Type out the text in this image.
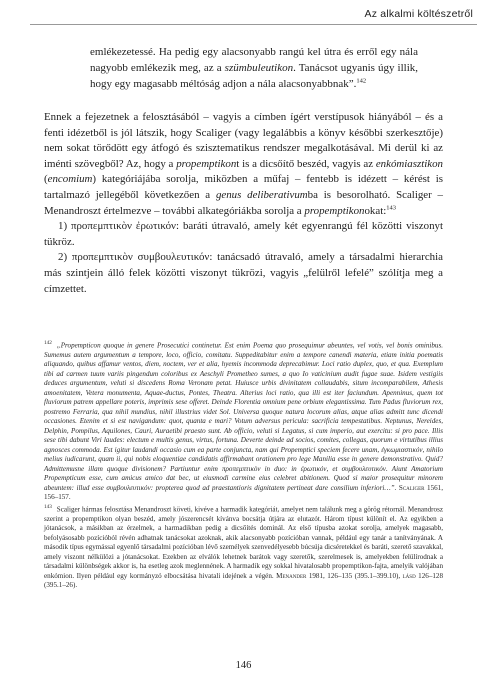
Az alkalmi költészetről

emlékezetessé. Ha pedig egy alacsonyabb rangú kel útra és erről egy nála nagyobb emlékezik meg, az a szümbuleutikon. Tanácsot ugyanis úgy illik, hogy egy magasabb méltóság adjon a nála alacsonyabbnak”.$^{142}$

Ennek a fejezetnek a felosztásából – vagyis a címben ígért verstípusok hiányából – és a fenti idézetből is jól látszik, hogy Scaliger (vagy legalábbis a könyv későbbi szerkesztője) nem sokat törődött egy átfogó és szisztematikus rendszer megalkotásával. Mi derül ki az iménti szövegből? Az, hogy a propemptikont is a dicsőítő beszéd, vagyis az enkómiasztikon (encomium) kategóriájába sorolja, miközben a műfaj – fentebb is idézett – kérést is tartalmazó jellegéből következően a genus deliberativumba is besorolható. Scaliger – Menandroszt értelmezve – további alkategóriákba sorolja a propemptikonokat:$^{143}$

1) προπεμπτικὸν ἐρωτικόν: baráti útravaló, amely két egyenrangú fél közötti viszonyt tükröz.

2) προπεμπτικὸν συμβουλευτικόν: tanácsadó útravaló, amely a társadalmi hierarchia más szintjein álló felek közötti viszonyt tükrözi, vagyis „felülről lefelé” szólítja meg a címzettet.

$^{142}$ „Propempticon quoque in genere Prosecutici continetur. Est enim Poema quo prosequimur abeuntes, vel votis, vel bonis ominibus. Sumemus autem argumentum a tempore, loco, officio, comitatu. Suppeditabitur enim a tempore canendi materia, etiam initia poematis aliquando, quibus affamur ventos, diem, noctem, ver et alia, hyemis incommoda deprecabimur. Loci ratio duplex, quo, et qua. Exemplum tibi ad carmen tuum variis pingendum coloribus ex Aeschyli Prometheo sumes, a quo Io vaticinium audit fugae suae. Isidem vestigiis deduces argumentum, veluti si discedens Roma Veronam petat. Huiusce urbis divinitatem collaudabis, situm incomparabilem, Athesis amoenitatem, Vetera monumenta, Aquae-ductus, Pontes, Theatra. Alterius loci ratio, qua illi est iter faciundum. Apenninus, quem tot fluviorum patrem appellare poteris, imprimis sese offeret. Deinde Florentia omnium pene orbium elegantissima. Tum Padus fluviorum rex, postremo Ferraria, qua nihil mundius, nihil illustrius videt Sol. Universa quoque natura locorum alias, atque alias admitt tunc dicendi occasiones. Etenim et si est navigandum: quot, quanta e mari? Votum adversus pericula: sacrificia tempestatibus. Neptunus, Nereides, Delphin, Pompilus, Aquilones, Cauri, Auraetibi praesto sunt. Ab officio, veluti si Legatus, si cum imperio, aut exercitu: si pro pace. Illis sese tibi dabunt Viri laudes: electum e multis genus, virtus, fortuna. Deverte deinde ad socios, comites, collegas, quorum e virtutibus illius agnosces commoda. Est igitur laudandi occasio cum ea parte conjuncta, nam qui Propemptici speciem fecere unam, ἐγκωμιαστικόν, nihilo melius iudicarunt, quam ii, qui nobis eloquentiae candidatis affirmabant orationem pro lege Manilia esse in genere demonstrativo. Quid? Admittemusne illam quoque divisionem? Partiuntur enim προπεμπτικὸν in duo: in ἐρωτικόν, et συμβουλευτικόν. Aiunt Amatorium Propempticum esse, cum amicus amico dat bec, ut eiusmodi carmine eius celebret abitionem. Quod si maior prosequitur minorem abeuntem: illud esse συμβουλευτικόν: propterea quod ad praestantioris dignitatem pertineat dare consilium inferiori…”. Scaliger 1561, 156–157.

$^{143}$ Scaliger hármas felosztása Menandroszt követi, kivéve a harmadik kategóriát, amelyet nem találunk meg a görög rétornál. Menandrosz szerint a propemptikon olyan beszéd, amely jószerencsét kívánva bocsátja útjára az elutazót. Három típust különít el. Az egyikben a jótanácsok, a másikban az érzelmek, a harmadikban pedig a dicsőítés dominál. Az első típusba azokat sorolja, amelyek magasabb, befolyásosabb pozícióból révén adhatnak tanácsokat azoknak, akik alacsonyabb pozícióban vannak, például egy tanár a tanítványának. A második típus egymással egyenlő társadalmi pozícióban lévő személyek szenvedélyesebb búcsúja dicséretekkel és baráti, szerető szavakkal, amely viszont nélkülözi a jótanácsokat. Ezekben az elválók lehetnek barátok vagy szeretők, szerelmesek is, amelyekben felülírodnak a társadalmi különbségek akkor is, ha esetleg azok meglennének. A harmadik egy sokkal hivatalosabb propemptikon-fajta, amelyik valójában enkómion. Ilyen például egy kormányzó elbocsátása hivatali idejének a végén. Menander 1981, 126–135 (395.1–399.10), lásd 126–128 (395.1–26).

146
